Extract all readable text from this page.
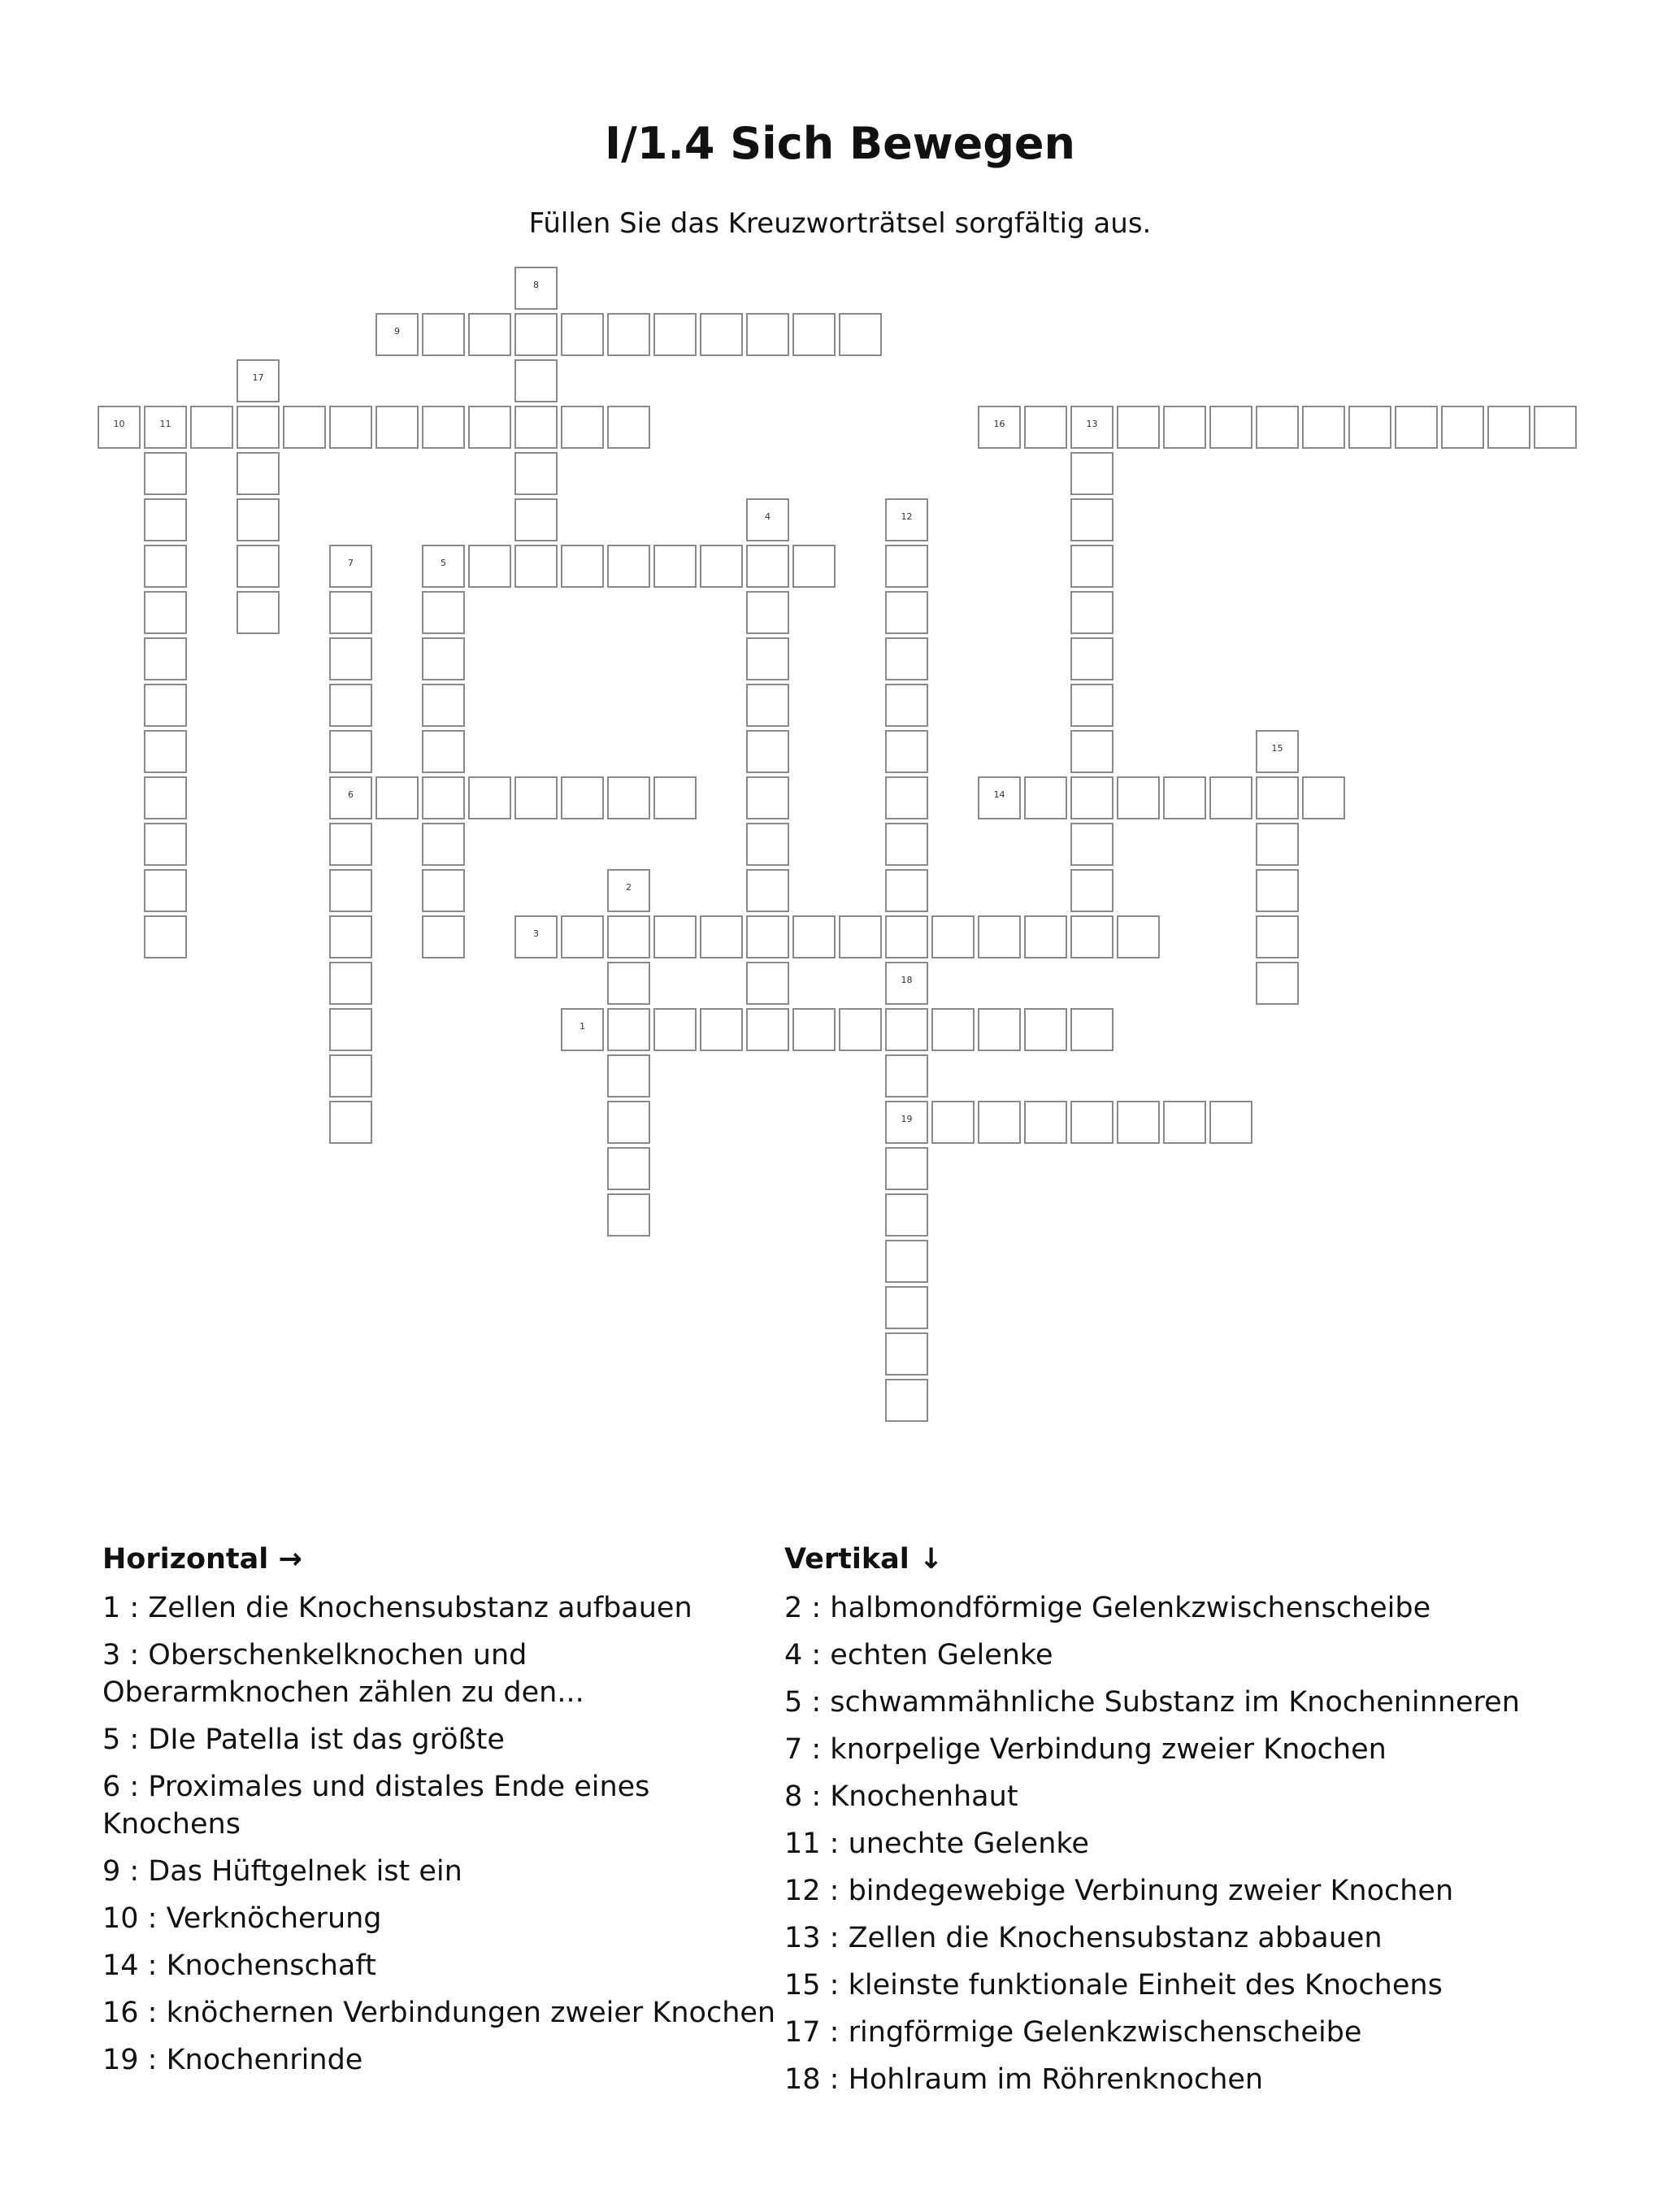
I/1.4 Sich Bewegen
Füllen Sie das Kreuzworträtsel sorgfältig aus.
1
2
3
4
5
6
7
8
9
10	11
12
13
14
15
16
17
18
19
Horizontal →
1 : Zellen die Knochensubstanz aufbauen
3 : Oberschenkelknochen und Oberarmknochen zählen zu den...
5 : DIe Patella ist das größte
6 : Proximales und distales Ende eines Knochens
9 : Das Hüftgelnek ist ein
10 : Verknöcherung
14 : Knochenschaft
16 : knöchernen Verbindungen zweier Knochen
19 : Knochenrinde
Vertikal ↓
2 : halbmondförmige Gelenkzwischenscheibe
4 : echten Gelenke
5 : schwammähnliche Substanz im Knocheninneren
7 : knorpelige Verbindung zweier Knochen
8 : Knochenhaut
11 : unechte Gelenke
12 : bindegewebige Verbinung zweier Knochen
13 : Zellen die Knochensubstanz abbauen
15 : kleinste funktionale Einheit des Knochens
17 : ringförmige Gelenkzwischenscheibe
18 : Hohlraum im Röhrenknochen
